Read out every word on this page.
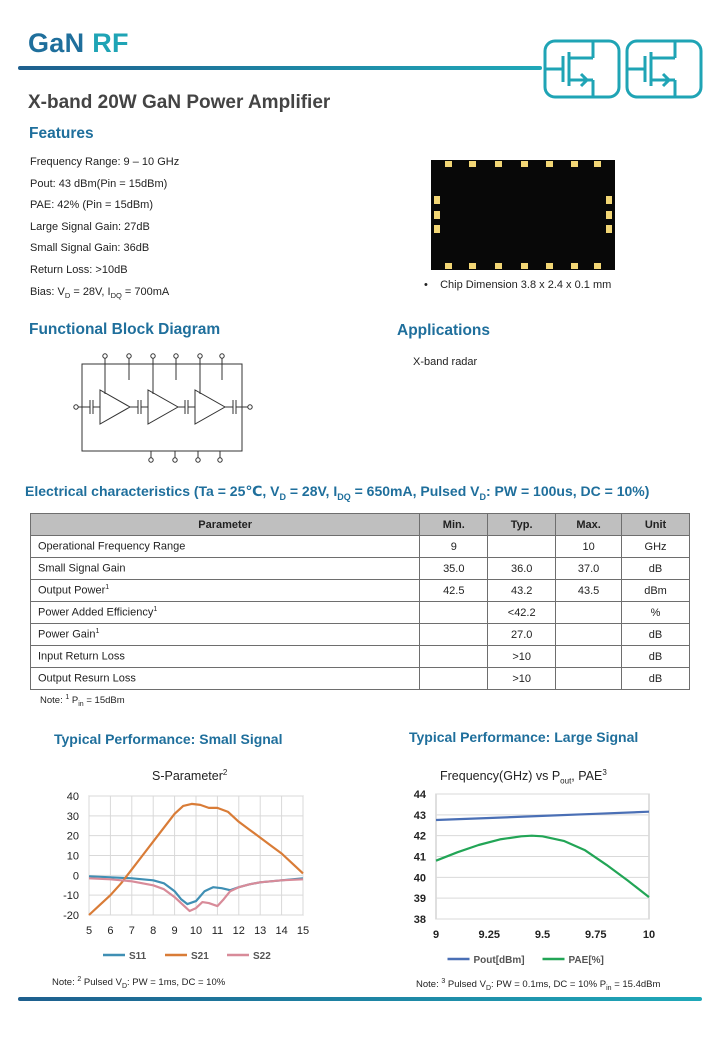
GaN RF
X-band 20W GaN Power Amplifier
Features
Frequency Range: 9 – 10 GHz
Pout: 43 dBm(Pin = 15dBm)
PAE: 42% (Pin = 15dBm)
Large Signal Gain: 27dB
Small Signal Gain: 36dB
Return Loss: >10dB
Bias: $V_D = 28V$, $I_{DQ} = 700mA$
• Chip Dimension 3.8 x 2.4 x 0.1 mm
Functional Block Diagram	Applications
X-band radar
Electrical characteristics (Ta = 25℃, $V_D = 28V$, $I_{DQ} = 650mA$, Pulsed $V_D$: PW = 100us, DC = 10%)
Parameter	Min.	Typ.	Max.	Unit
Operational Frequency Range	9		10	GHz
Small Signal Gain	35.0	36.0	37.0	dB
Output Power$^1$	42.5	43.2	43.5	dBm
Power Added Efficiency$^1$		<42.2		%
Power Gain$^1$		27.0		dB
Input Return Loss		>10		dB
Output Resurn Loss		>10		dB
Note: $^1$ $P_{in} = 15dBm$
Typical Performance: Small Signal
S-Parameter$^2$
40
30
20
10
0
-10
-20
5 6 7 8 9 10 11 12 13 14 15
S11	S21	S22
Note: $^2$ Pulsed $V_D$: PW = 1ms, DC = 10%
Typical Performance: Large Signal
Frequency(GHz) vs $P_{out}$, PAE$^3$
44
43
42
41
40
39
38
9	9.25	9.5	9.75	10
Pout[dBm]	PAE[%]
Note: $^3$ Pulsed $V_D$: PW = 0.1ms, DC = 10% $P_{in} = 15.4dBm$
